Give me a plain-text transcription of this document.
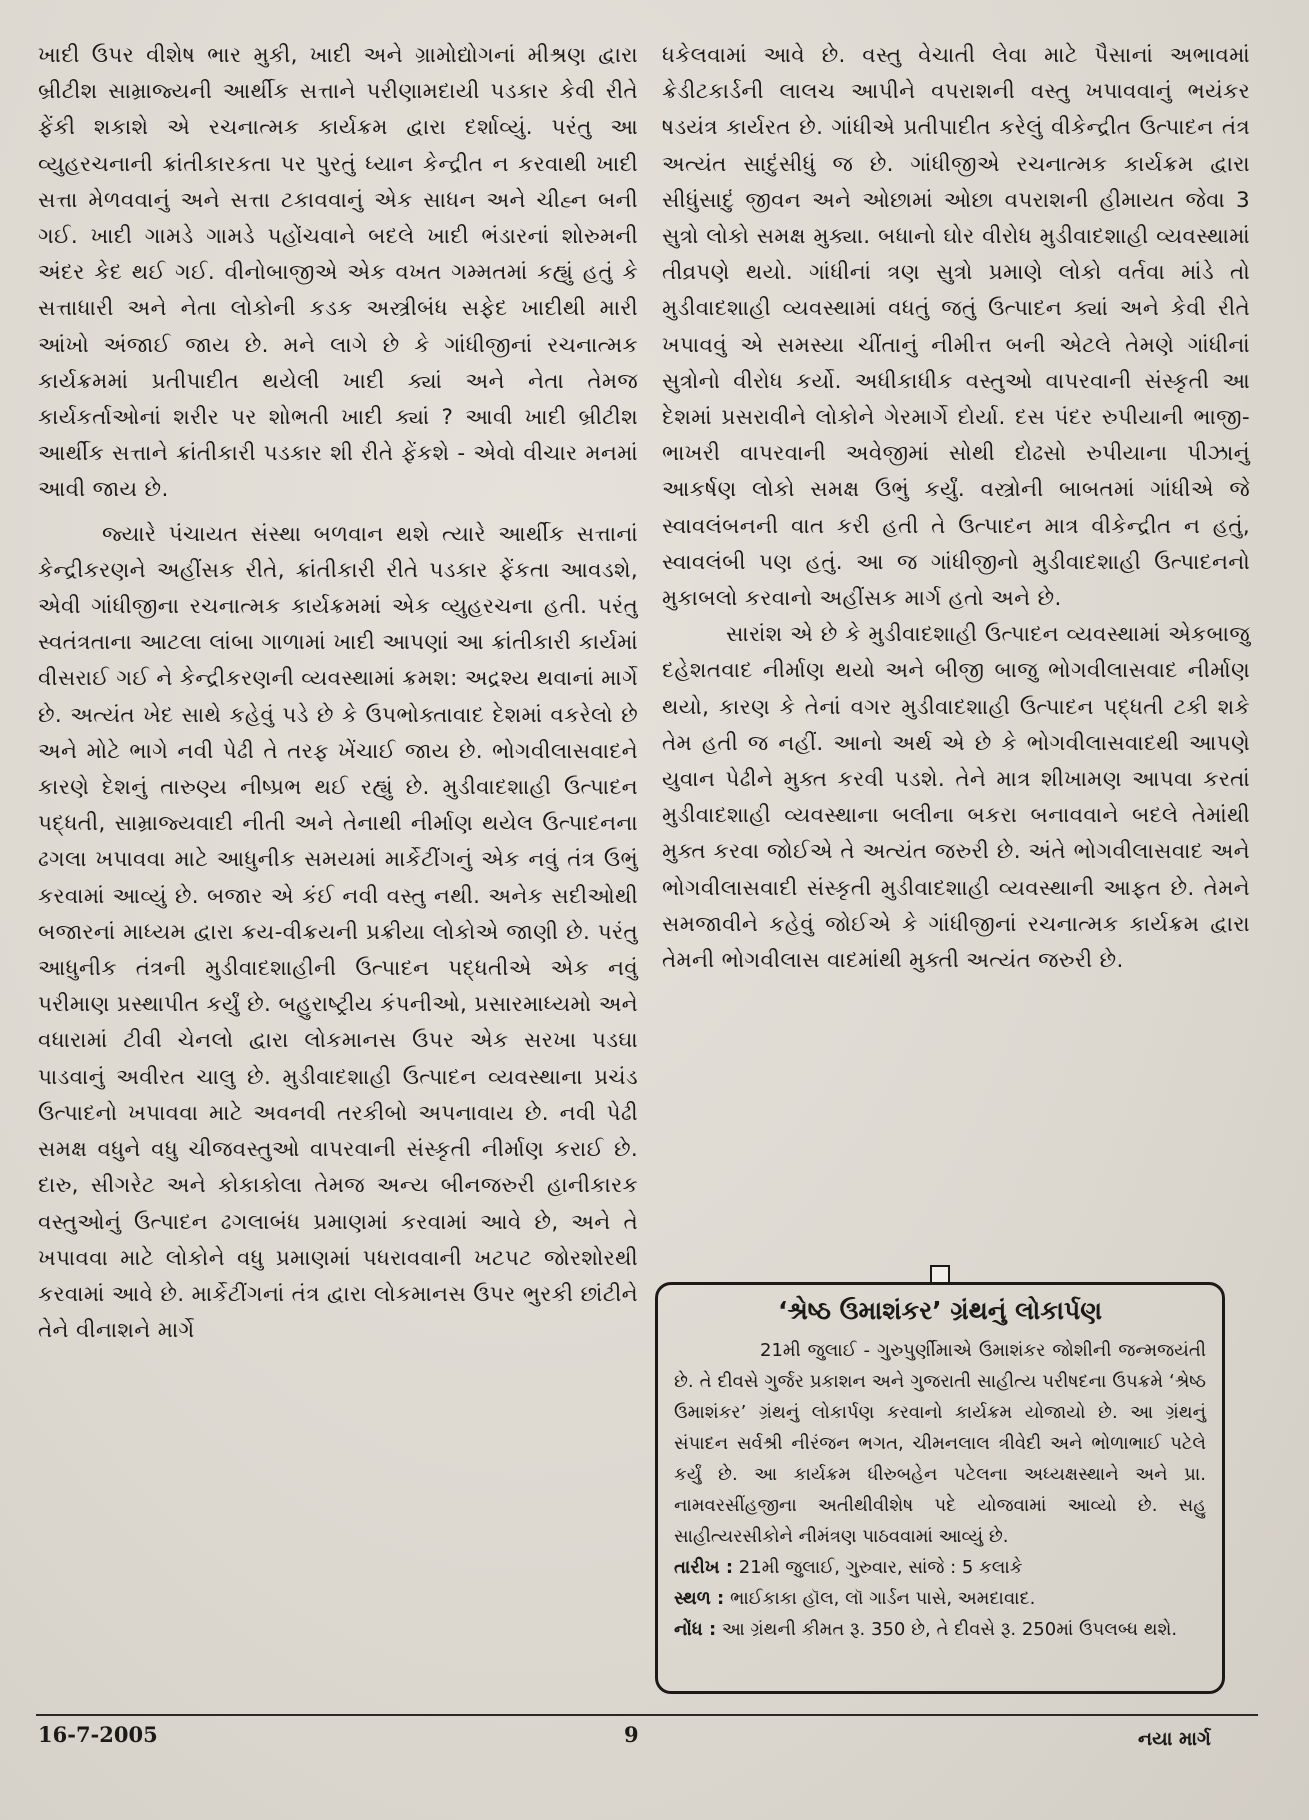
ખાદી ઉપર વીશેષ ભાર મુકી, ખાદી અને ગ્રામોદ્યોગનાં મીશ્રણ દ્વારા બ્રીટીશ સામ્રાજ્યની આર્થીક સત્તાને પરીણામદાયી પડકાર કેવી રીતે ફેંકી શકાશે એ રચનાત્મક કાર્યક્રમ દ્વારા દર્શાવ્યું. પરંતુ આ વ્યુહરચનાની ક્રાંતીકારકતા પર પુરતું ધ્યાન કેન્દ્રીત ન કરવાથી ખાદી સત્તા મેળવવાનું અને સત્તા ટકાવવાનું એક સાધન અને ચીહ્ન બની ગઈ. ખાદી ગામડે ગામડે પહોંચવાને બદલે ખાદી ભંડારનાં શોરુમની અંદર કેદ થઈ ગઈ. વીનોબાજીએ એક વખત ગમ્મતમાં કહ્યું હતું કે સત્તાધારી અને નેતા લોકોની કડક અસ્ત્રીબંધ સફેદ ખાદીથી મારી આંખો અંજાઈ જાય છે. મને લાગે છે કે ગાંધીજીનાં રચનાત્મક કાર્યક્રમમાં પ્રતીપાદીત થયેલી ખાદી ક્યાં અને નેતા તેમજ કાર્યકર્તાઓનાં શરીર પર શોભતી ખાદી ક્યાં ? આવી ખાદી બ્રીટીશ આર્થીક સત્તાને ક્રાંતીકારી પડકાર શી રીતે ફેંકશે - એવો વીચાર મનમાં આવી જાય છે.

જ્યારે પંચાયત સંસ્થા બળવાન થશે ત્યારે આર્થીક સત્તાનાં કેન્દ્રીકરણને અહીંસક રીતે, ક્રાંતીકારી રીતે પડકાર ફેંકતા આવડશે, એવી ગાંધીજીના રચનાત્મક કાર્યક્રમમાં એક વ્યુહરચના હતી. પરંતુ સ્વતંત્રતાના આટલા લાંબા ગાળામાં ખાદી આપણાં આ ક્રાંતીકારી કાર્યમાં વીસરાઈ ગઈ ને કેન્દ્રીકરણની વ્યવસ્થામાં ક્રમશ: અદ્રશ્ય થવાનાં માર્ગે છે. અત્યંત ખેદ સાથે કહેવું પડે છે કે ઉપભોક્તાવાદ દેશમાં વકરેલો છે અને મોટે ભાગે નવી પેઢી તે તરફ ખેંચાઈ જાય છે. ભોગવીલાસવાદને કારણે દેશનું તારુણ્ય નીષ્પ્રભ થઈ રહ્યું છે. મુડીવાદશાહી ઉત્પાદન પદ્ધતી, સામ્રાજ્યવાદી નીતી અને તેનાથી નીર્માણ થયેલ ઉત્પાદનના ઢગલા ખપાવવા માટે આધુનીક સમયમાં માર્કેટીંગનું એક નવું તંત્ર ઉભું કરવામાં આવ્યું છે. બજાર એ કંઈ નવી વસ્તુ નથી. અનેક સદીઓથી બજારનાં માધ્યમ દ્વારા ક્રય-વીક્રયની પ્રક્રીયા લોકોએ જાણી છે. પરંતુ આધુનીક તંત્રની મુડીવાદશાહીની ઉત્પાદન પદ્ધતીએ એક નવું પરીમાણ પ્રસ્થાપીત કર્યું છે. બહુરાષ્ટ્રીય કંપનીઓ, પ્રસારમાધ્યમો અને વધારામાં ટીવી ચેનલો દ્વારા લોકમાનસ ઉપર એક સરખા પડઘા પાડવાનું અવીરત ચાલુ છે. મુડીવાદશાહી ઉત્પાદન વ્યવસ્થાના પ્રચંડ ઉત્પાદનો ખપાવવા માટે અવનવી તરકીબો અપનાવાય છે. નવી પેઢી સમક્ષ વધુને વધુ ચીજવસ્તુઓ વાપરવાની સંસ્કૃતી નીર્માણ કરાઈ છે. દારુ, સીગરેટ અને કોકાકોલા તેમજ અન્ય બીનજરુરી હાનીકારક વસ્તુઓનું ઉત્પાદન ઢગલાબંધ પ્રમાણમાં કરવામાં આવે છે, અને તે ખપાવવા માટે લોકોને વધુ પ્રમાણમાં પધરાવવાની ખટપટ જોરશોરથી કરવામાં આવે છે. માર્કેટીંગનાં તંત્ર દ્વારા લોકમાનસ ઉપર ભુરકી છાંટીને તેને વીનાશને માર્ગે

ધકેલવામાં આવે છે. વસ્તુ વેચાતી લેવા માટે પૈસાનાં અભાવમાં ક્રેડીટકાર્ડની લાલચ આપીને વપરાશની વસ્તુ ખપાવવાનું ભયંકર ષડયંત્ર કાર્યરત છે. ગાંધીએ પ્રતીપાદીત કરેલું વીકેન્દ્રીત ઉત્પાદન તંત્ર અત્યંત સાદુંસીધું જ છે. ગાંધીજીએ રચનાત્મક કાર્યક્રમ દ્વારા સીધુંસાદું જીવન અને ઓછામાં ઓછા વપરાશની હીમાયત જેવા 3 સુત્રો લોકો સમક્ષ મુક્યા. બધાનો ઘોર વીરોધ મુડીવાદશાહી વ્યવસ્થામાં તીવ્રપણે થયો. ગાંધીનાં ત્રણ સુત્રો પ્રમાણે લોકો વર્તવા માંડે તો મુડીવાદશાહી વ્યવસ્થામાં વધતું જતું ઉત્પાદન ક્યાં અને કેવી રીતે ખપાવવું એ સમસ્યા ચીંતાનું નીમીત્ત બની એટલે તેમણે ગાંધીનાં સુત્રોનો વીરોધ કર્યો. અધીકાધીક વસ્તુઓ વાપરવાની સંસ્કૃતી આ દેશમાં પ્રસરાવીને લોકોને ગેરમાર્ગે દોર્યા. દસ પંદર રુપીયાની ભાજી-ભાખરી વાપરવાની અવેજીમાં સોથી દોઢસો રુપીયાના પીઝાનું આકર્ષણ લોકો સમક્ષ ઉભું કર્યું. વસ્ત્રોની બાબતમાં ગાંધીએ જે સ્વાવલંબનની વાત કરી હતી તે ઉત્પાદન માત્ર વીકેન્દ્રીત ન હતું, સ્વાવલંબી પણ હતું. આ જ ગાંધીજીનો મુડીવાદશાહી ઉત્પાદનનો મુકાબલો કરવાનો અહીંસક માર્ગ હતો અને છે.

સારાંશ એ છે કે મુડીવાદશાહી ઉત્પાદન વ્યવસ્થામાં એકબાજુ દહેશતવાદ નીર્માણ થયો અને બીજી બાજુ ભોગવીલાસવાદ નીર્માણ થયો, કારણ કે તેનાં વગર મુડીવાદશાહી ઉત્પાદન પદ્ધતી ટકી શકે તેમ હતી જ નહીં. આનો અર્થ એ છે કે ભોગવીલાસવાદથી આપણે યુવાન પેઢીને મુક્ત કરવી પડશે. તેને માત્ર શીખામણ આપવા કરતાં મુડીવાદશાહી વ્યવસ્થાના બલીના બકરા બનાવવાને બદલે તેમાંથી મુક્ત કરવા જોઈએ તે અત્યંત જરુરી છે. અંતે ભોગવીલાસવાદ અને ભોગવીલાસવાદી સંસ્કૃતી મુડીવાદશાહી વ્યવસ્થાની આફત છે. તેમને સમજાવીને કહેવું જોઈએ કે ગાંધીજીનાં રચનાત્મક કાર્યક્રમ દ્વારા તેમની ભોગવીલાસ વાદમાંથી મુક્તી અત્યંત જરુરી છે.

‘શ્રેષ્ઠ ઉમાશંકર’ ગ્રંથનું લોકાર્પણ

21મી જુલાઈ - ગુરુપુર્ણીમાએ ઉમાશંકર જોશીની જન્મજયંતી છે. તે દીવસે ગુર્જર પ્રકાશન અને ગુજરાતી સાહીત્ય પરીષદના ઉપક્રમે ‘શ્રેષ્ઠ ઉમાશંકર’ ગ્રંથનું લોકાર્પણ કરવાનો કાર્યક્રમ યોજાયો છે. આ ગ્રંથનું સંપાદન સર્વશ્રી નીરંજન ભગત, ચીમનલાલ ત્રીવેદી અને ભોળાભાઈ પટેલે કર્યું છે. આ કાર્યક્રમ ધીરુબહેન પટેલના અધ્યક્ષસ્થાને અને પ્રા. નામવરસીંહજીના અતીથીવીશેષ પદે યોજવામાં આવ્યો છે. સહુ સાહીત્યરસીકોને નીમંત્રણ પાઠવવામાં આવ્યું છે.

તારીખ : 21મી જુલાઈ, ગુરુવાર, સાંજે : 5 કલાકે

સ્થળ : ભાઈકાકા હૉલ, લૉ ગાર્ડન પાસે, અમદાવાદ.

નોંધ : આ ગ્રંથની કીમત રૂ. 350 છે, તે દીવસે રૂ. 250માં ઉપલબ્ધ થશે.

16-7-2005	9	નયા માર્ગ
